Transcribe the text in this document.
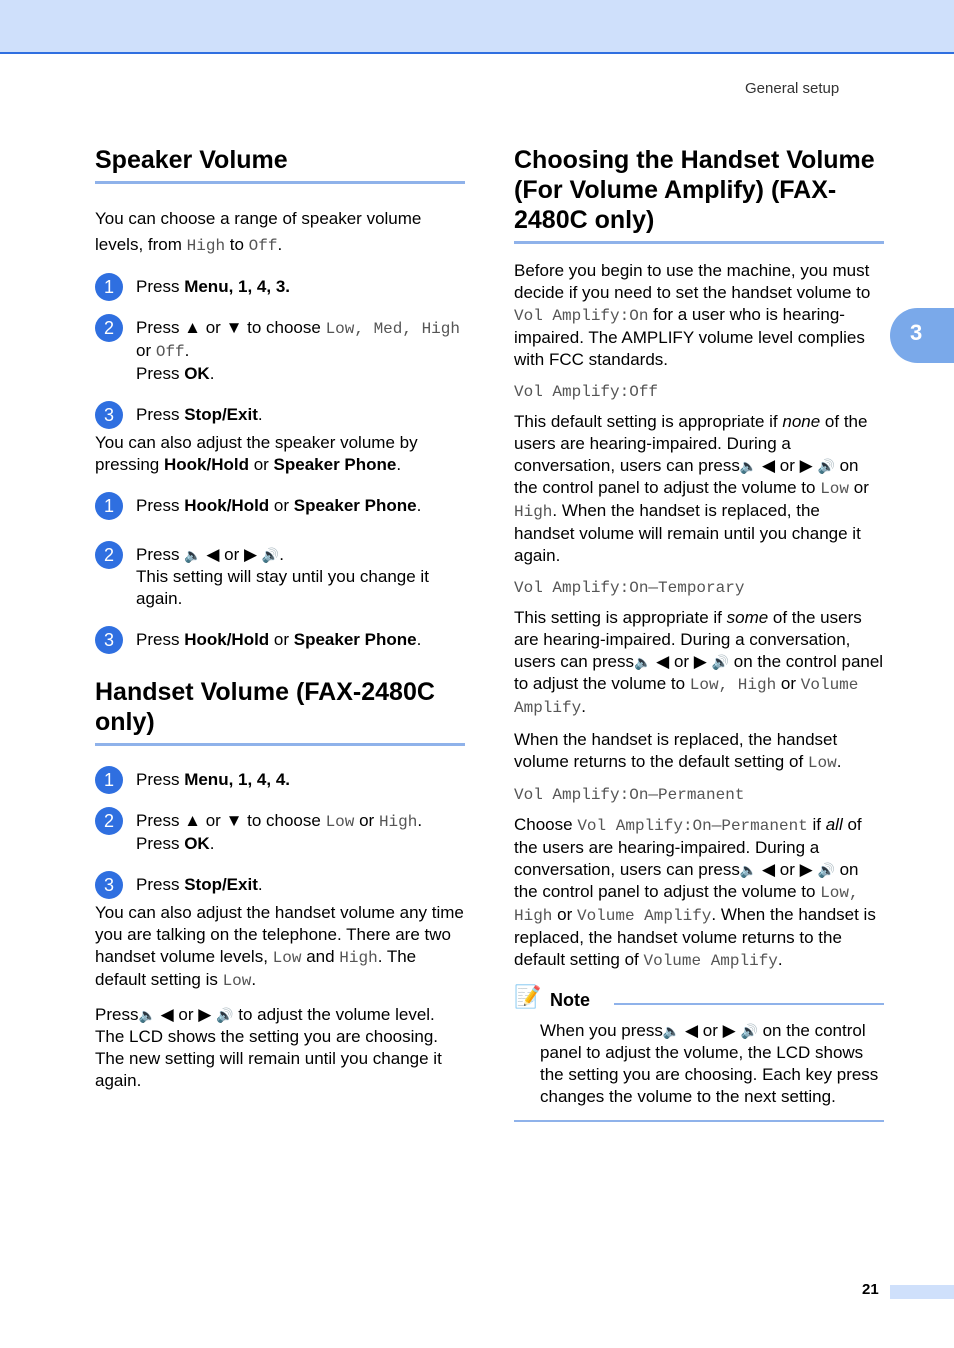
General setup
3
Speaker Volume

You can choose a range of speaker volume levels, from High to Off.

1	Press Menu, 1, 4, 3.
2	Press ▲ or ▼ to choose Low, Med, High or Off.
Press OK.
3	Press Stop/Exit.

You can also adjust the speaker volume by pressing Hook/Hold or Speaker Phone.

1	Press Hook/Hold or Speaker Phone.
2	Press 🔈 ◀ or ▶ 🔊.
This setting will stay until you change it again.
3	Press Hook/Hold or Speaker Phone.
Handset Volume (FAX-2480C only)
1	Press Menu, 1, 4, 4.
2	Press ▲ or ▼ to choose Low or High.
Press OK.
3	Press Stop/Exit.

You can also adjust the handset volume any time you are talking on the telephone. There are two handset volume levels, Low and High. The default setting is Low.

Press🔈 ◀ or ▶ 🔊 to adjust the volume level. The LCD shows the setting you are choosing. The new setting will remain until you change it again.

Choosing the Handset Volume (For Volume Amplify) (FAX-2480C only)

Before you begin to use the machine, you must decide if you need to set the handset volume to Vol Amplify:On for a user who is hearing-impaired. The AMPLIFY volume level complies with FCC standards.

Vol Amplify:Off

This default setting is appropriate if none of the users are hearing-impaired. During a conversation, users can press🔈 ◀ or ▶ 🔊 on the control panel to adjust the volume to Low or High. When the handset is replaced, the handset volume will remain until you change it again.

Vol Amplify:On—Temporary

This setting is appropriate if some of the users are hearing-impaired. During a conversation, users can press🔈 ◀ or ▶ 🔊 on the control panel to adjust the volume to Low, High or Volume Amplify.

When the handset is replaced, the handset volume returns to the default setting of Low.

Vol Amplify:On—Permanent

Choose Vol Amplify:On—Permanent if all of the users are hearing-impaired. During a conversation, users can press🔈 ◀ or ▶ 🔊 on the control panel to adjust the volume to Low, High or Volume Amplify. When the handset is replaced, the handset volume returns to the default setting of Volume Amplify.

📝 Note

When you press🔈 ◀ or ▶ 🔊 on the control panel to adjust the volume, the LCD shows the setting you are choosing. Each key press changes the volume to the next setting.

21
